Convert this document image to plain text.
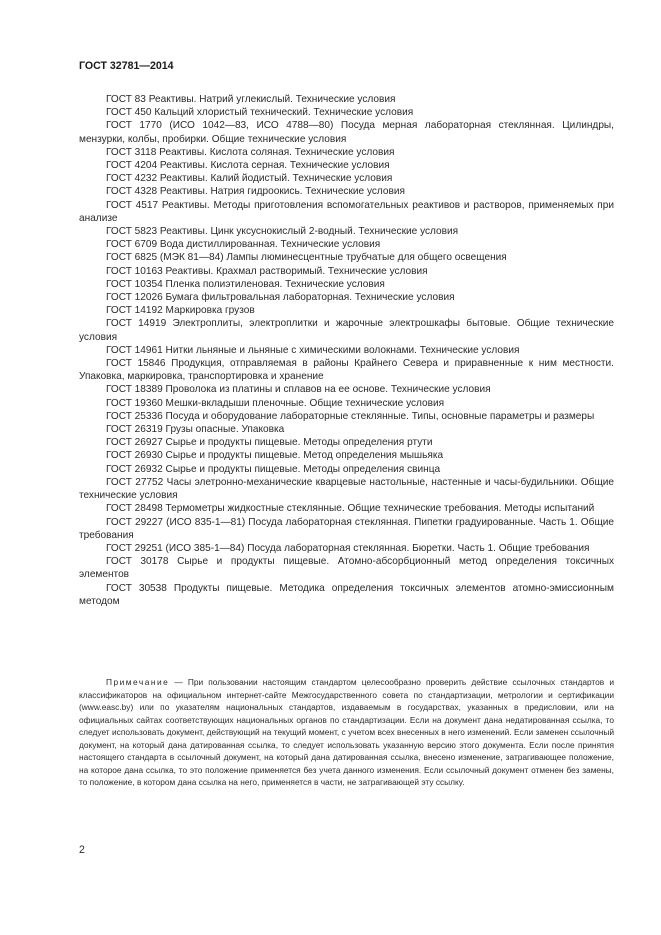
ГОСТ 32781—2014

ГОСТ 83 Реактивы. Натрий углекислый. Технические условия

ГОСТ 450 Кальций хлористый технический. Технические условия

ГОСТ 1770 (ИСО 1042—83, ИСО 4788—80) Посуда мерная лабораторная стеклянная. Цилиндры, мензурки, колбы, пробирки. Общие технические условия

ГОСТ 3118 Реактивы. Кислота соляная. Технические условия

ГОСТ 4204 Реактивы. Кислота серная. Технические условия

ГОСТ 4232 Реактивы. Калий йодистый. Технические условия

ГОСТ 4328 Реактивы. Натрия гидроокись. Технические условия

ГОСТ 4517 Реактивы. Методы приготовления вспомогательных реактивов и растворов, применяемых при анализе

ГОСТ 5823 Реактивы. Цинк уксуснокислый 2-водный. Технические условия

ГОСТ 6709 Вода дистиллированная. Технические условия

ГОСТ 6825 (МЭК 81—84) Лампы люминесцентные трубчатые для общего освещения

ГОСТ 10163 Реактивы. Крахмал растворимый. Технические условия

ГОСТ 10354 Пленка полиэтиленовая. Технические условия

ГОСТ 12026 Бумага фильтровальная лабораторная. Технические условия

ГОСТ 14192 Маркировка грузов

ГОСТ 14919 Электроплиты, электроплитки и жарочные электрошкафы бытовые. Общие технические условия

ГОСТ 14961 Нитки льняные и льняные с химическими волокнами. Технические условия

ГОСТ 15846 Продукция, отправляемая в районы Крайнего Севера и приравненные к ним местности. Упаковка, маркировка, транспортировка и хранение

ГОСТ 18389 Проволока из платины и сплавов на ее основе. Технические условия

ГОСТ 19360 Мешки-вкладыши пленочные. Общие технические условия

ГОСТ 25336 Посуда и оборудование лабораторные стеклянные. Типы, основные параметры и размеры

ГОСТ 26319 Грузы опасные. Упаковка

ГОСТ 26927 Сырье и продукты пищевые. Методы определения ртути

ГОСТ 26930 Сырье и продукты пищевые. Метод определения мышьяка

ГОСТ 26932 Сырье и продукты пищевые. Методы определения свинца

ГОСТ 27752 Часы элетронно-механические кварцевые настольные, настенные и часы-будильники. Общие технические условия

ГОСТ 28498 Термометры жидкостные стеклянные. Общие технические требования. Методы испытаний

ГОСТ 29227 (ИСО 835-1—81) Посуда лабораторная стеклянная. Пипетки градуированные. Часть 1. Общие требования

ГОСТ 29251 (ИСО 385-1—84) Посуда лабораторная стеклянная. Бюретки. Часть 1. Общие требования

ГОСТ 30178 Сырье и продукты пищевые. Атомно-абсорбционный метод определения токсичных элементов

ГОСТ 30538 Продукты пищевые. Методика определения токсичных элементов атомно-эмиссионным методом

Примечание — При пользовании настоящим стандартом целесообразно проверить действие ссылочных стандартов и классификаторов на официальном интернет-сайте Межгосударственного совета по стандартизации, метрологии и сертификации (www.easc.by) или по указателям национальных стандартов, издаваемым в государствах, указанных в предисловии, или на официальных сайтах соответствующих национальных органов по стандартизации. Если на документ дана недатированная ссылка, то следует использовать документ, действующий на текущий момент, с учетом всех внесенных в него изменений. Если заменен ссылочный документ, на который дана датированная ссылка, то следует использовать указанную версию этого документа. Если после принятия настоящего стандарта в ссылочный документ, на который дана датированная ссылка, внесено изменение, затрагивающее положение, на которое дана ссылка, то это положение применяется без учета данного изменения. Если ссылочный документ отменен без замены, то положение, в котором дана ссылка на него, применяется в части, не затрагивающей эту ссылку.

2
